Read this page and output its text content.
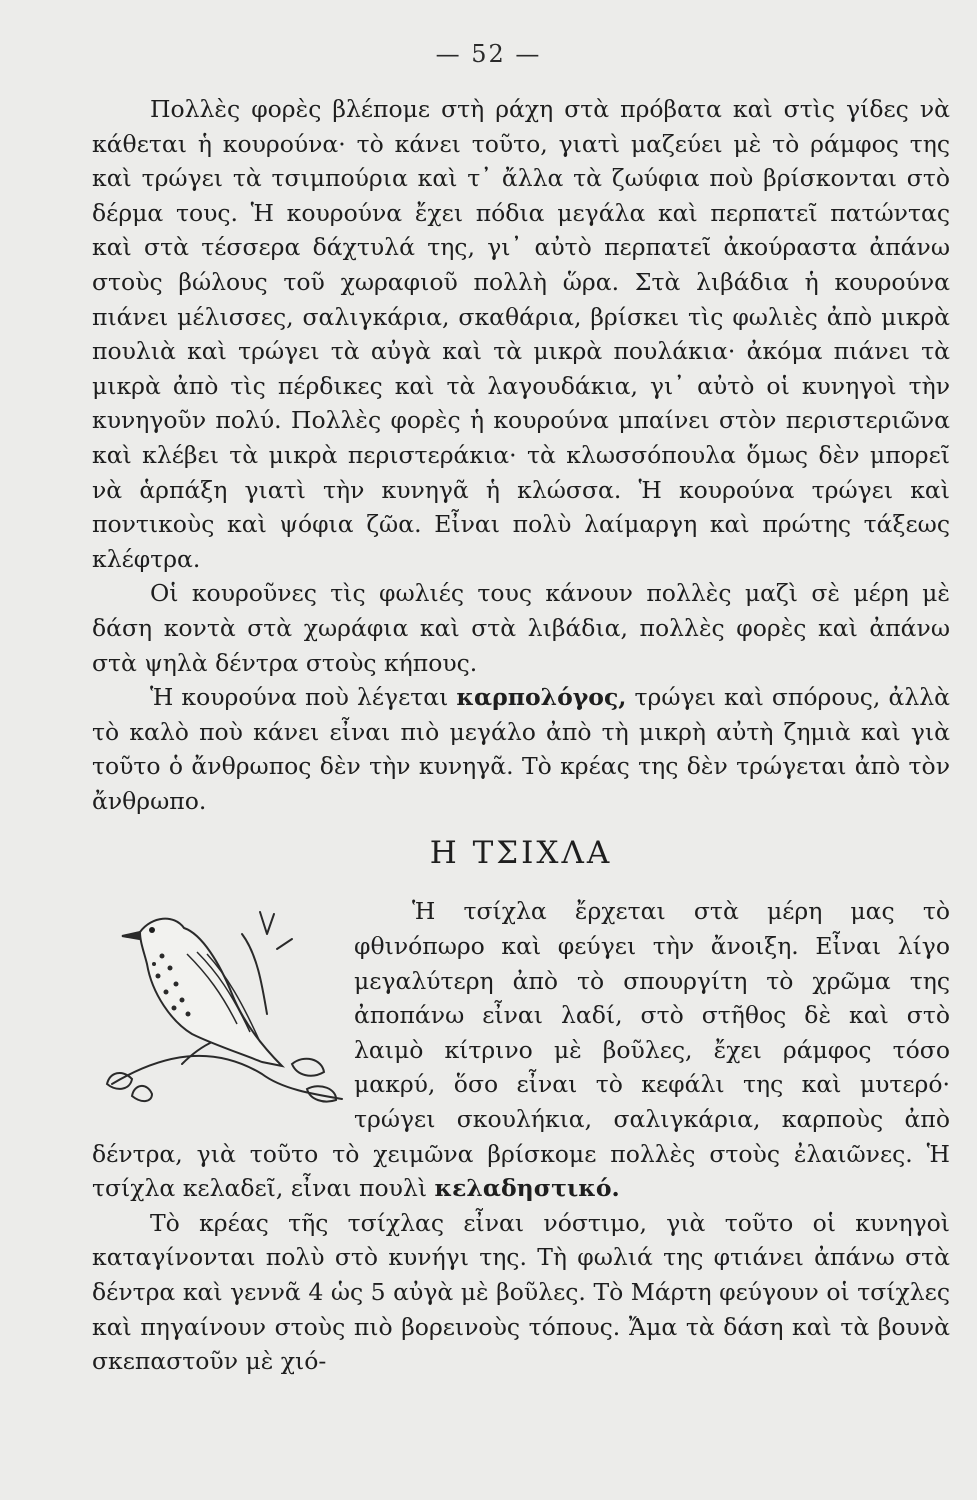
— 52 —

Πολλὲς φορὲς βλέπομε στὴ ράχη στὰ πρόβατα καὶ στὶς γίδες νὰ κάθεται ἡ κουρούνα· τὸ κάνει τοῦτο, γιατὶ μαζεύει μὲ τὸ ράμφος της καὶ τρώγει τὰ τσιμπούρια καὶ τ᾽ ἄλλα τὰ ζωύφια ποὺ βρίσκονται στὸ δέρμα τους. Ἡ κουρούνα ἔχει πόδια μεγάλα καὶ περπατεῖ πατώντας καὶ στὰ τέσσερα δάχτυλά της, γι᾽ αὐτὸ περπατεῖ ἀκούραστα ἀπάνω στοὺς βώλους τοῦ χωραφιοῦ πολλὴ ὥρα. Στὰ λιβάδια ἡ κουρούνα πιάνει μέλισσες, σαλιγκάρια, σκαθάρια, βρίσκει τὶς φωλιὲς ἀπὸ μικρὰ πουλιὰ καὶ τρώγει τὰ αὐγὰ καὶ τὰ μικρὰ πουλάκια· ἀκόμα πιάνει τὰ μικρὰ ἀπὸ τὶς πέρδικες καὶ τὰ λαγουδάκια, γι᾽ αὐτὸ οἱ κυνηγοὶ τὴν κυνηγοῦν πολύ. Πολλὲς φορὲς ἡ κουρούνα μπαίνει στὸν περιστεριῶνα καὶ κλέβει τὰ μικρὰ περιστεράκια· τὰ κλωσσόπουλα ὅμως δὲν μπορεῖ νὰ ἁρπάξη γιατὶ τὴν κυνηγᾶ ἡ κλώσσα. Ἡ κουρούνα τρώγει καὶ ποντικοὺς καὶ ψόφια ζῶα. Εἶναι πολὺ λαίμαργη καὶ πρώτης τάξεως κλέφτρα.

Οἱ κουροῦνες τὶς φωλιές τους κάνουν πολλὲς μαζὶ σὲ μέρη μὲ δάση κοντὰ στὰ χωράφια καὶ στὰ λιβάδια, πολλὲς φορὲς καὶ ἀπάνω στὰ ψηλὰ δέντρα στοὺς κήπους.

Ἡ κουρούνα ποὺ λέγεται καρπολόγος, τρώγει καὶ σπόρους, ἀλλὰ τὸ καλὸ ποὺ κάνει εἶναι πιὸ μεγάλο ἀπὸ τὴ μικρὴ αὐτὴ ζημιὰ καὶ γιὰ τοῦτο ὁ ἄνθρωπος δὲν τὴν κυνηγᾶ. Τὸ κρέας της δὲν τρώγεται ἀπὸ τὸν ἄνθρωπο.

Η ΤΣΙΧΛΑ

Ἡ τσίχλα ἔρχεται στὰ μέρη μας τὸ φθινόπωρο καὶ φεύγει τὴν ἄνοιξη. Εἶναι λίγο μεγαλύτερη ἀπὸ τὸ σπουργίτη τὸ χρῶμα της ἀποπάνω εἶναι λαδί, στὸ στῆθος δὲ καὶ στὸ λαιμὸ κίτρινο μὲ βοῦλες, ἔχει ράμφος τόσο μακρύ, ὅσο εἶναι τὸ κεφάλι της καὶ μυτερό· τρώγει σκουλήκια, σαλιγκάρια, καρποὺς ἀπὸ δέντρα, γιὰ τοῦτο τὸ χειμῶνα βρίσκομε πολλὲς στοὺς ἐλαιῶνες. Ἡ τσίχλα κελαδεῖ, εἶναι πουλὶ κελαδηστικό.

Τὸ κρέας τῆς τσίχλας εἶναι νόστιμο, γιὰ τοῦτο οἱ κυνηγοὶ καταγίνονται πολὺ στὸ κυνήγι της. Τὴ φωλιά της φτιάνει ἀπάνω στὰ δέντρα καὶ γεννᾶ 4 ὡς 5 αὐγὰ μὲ βοῦλες. Τὸ Μάρτη φεύγουν οἱ τσίχλες καὶ πηγαίνουν στοὺς πιὸ βορεινοὺς τόπους. Ἄμα τὰ δάση καὶ τὰ βουνὰ σκεπαστοῦν μὲ χιό-
